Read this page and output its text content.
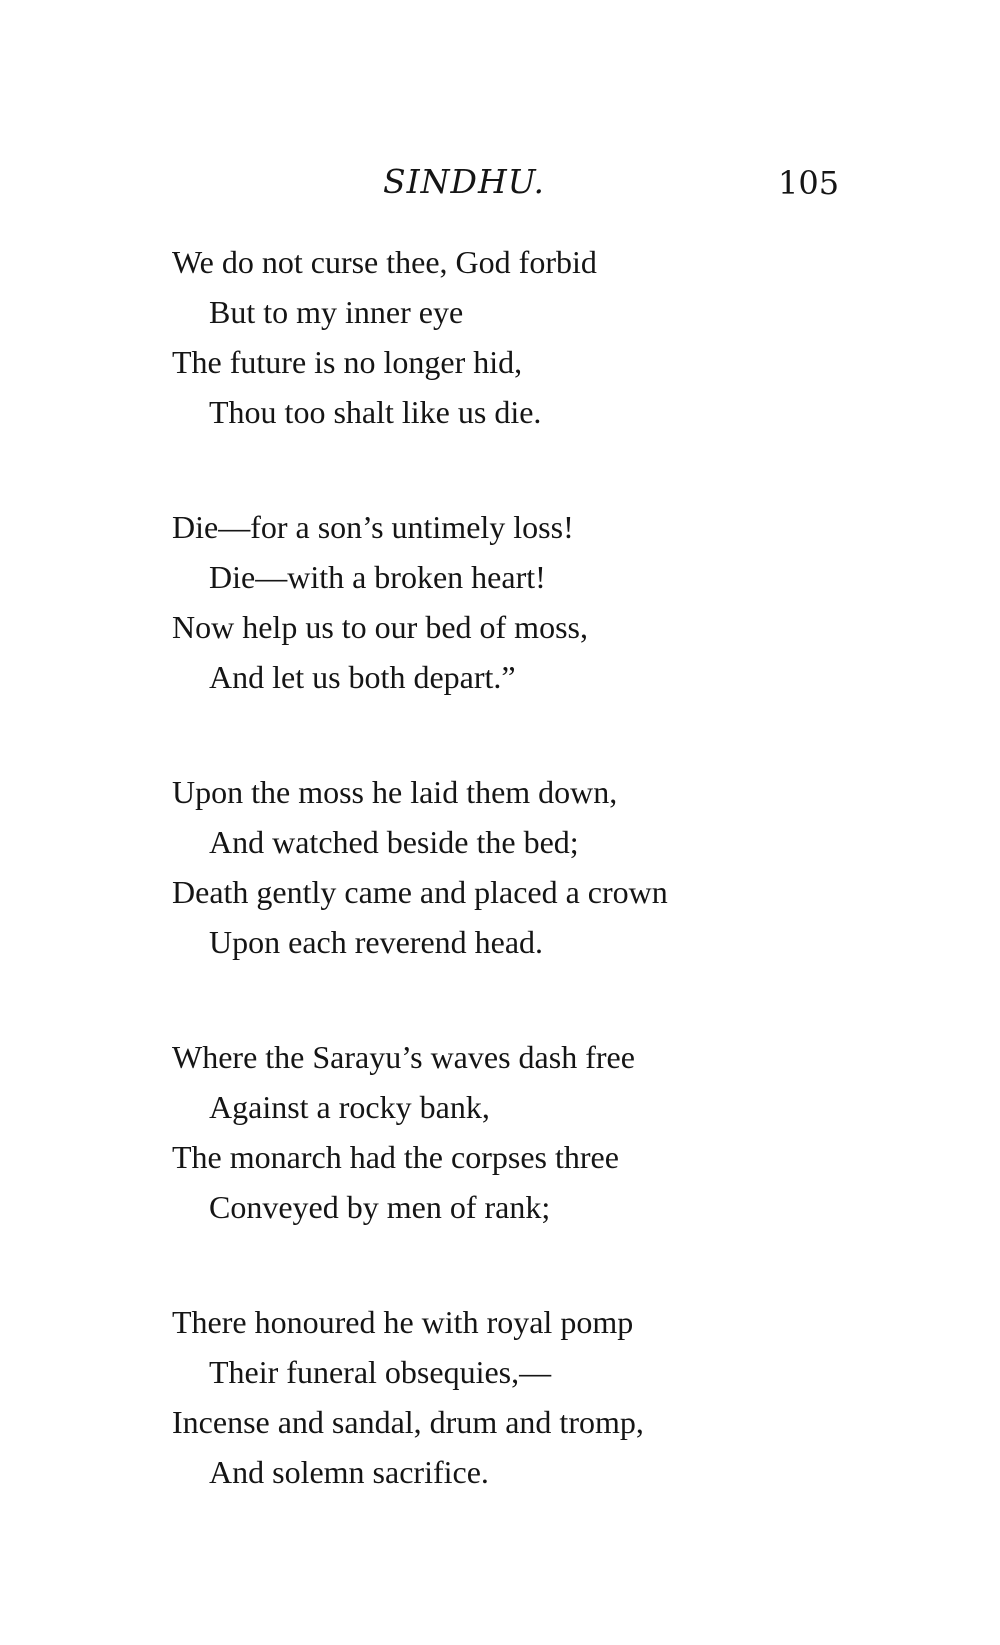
SINDHU.	105
We do not curse thee, God forbid
But to my inner eye
The future is no longer hid,
Thou too shalt like us die.
Die—for a son’s untimely loss!
Die—with a broken heart!
Now help us to our bed of moss,
And let us both depart.”
Upon the moss he laid them down,
And watched beside the bed;
Death gently came and placed a crown
Upon each reverend head.
Where the Sarayu’s waves dash free
Against a rocky bank,
The monarch had the corpses three
Conveyed by men of rank;
There honoured he with royal pomp
Their funeral obsequies,—
Incense and sandal, drum and tromp,
And solemn sacrifice.
